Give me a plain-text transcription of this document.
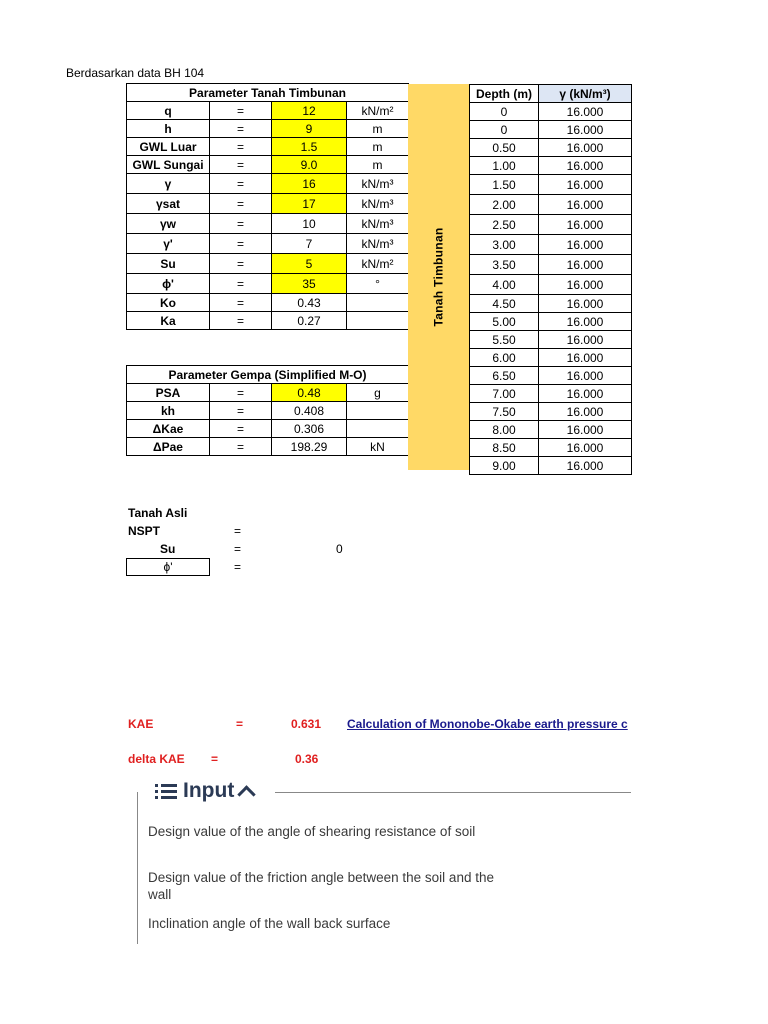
Berdasarkan data BH 104
Parameter Tanah Timbunan			
q	=	12	kN/m²
h	=	9	m
GWL Luar	=	1.5	m
GWL Sungai	=	9.0	m
γ	=	16	kN/m³
γsat	=	17	kN/m³
γw	=	10	kN/m³
γ'	=	7	kN/m³
Su	=	5	kN/m²
ϕ'	=	35	°
Ko	=	0.43	
Ka	=	0.27	
Parameter Gempa (Simplified M-O)			
PSA	=	0.48	g
kh	=	0.408	
ΔKae	=	0.306	
ΔPae	=	198.29	kN
Tanah Timbunan
Depth (m)	γ (kN/m³)
0	16.000
0	16.000
0.50	16.000
1.00	16.000
1.50	16.000
2.00	16.000
2.50	16.000
3.00	16.000
3.50	16.000
4.00	16.000
4.50	16.000
5.00	16.000
5.50	16.000
6.00	16.000
6.50	16.000
7.00	16.000
7.50	16.000
8.00	16.000
8.50	16.000
9.00	16.000
Tanah Asli
NSPT	=
Su	=	0
ϕ'	=
KAE	=	0.631 Calculation of Mononobe-Okabe earth pressure c
delta KAE =	0.36
Input
Design value of the angle of shearing resistance of soil
Design value of the friction angle between the soil and the wall
Inclination angle of the wall back surface
